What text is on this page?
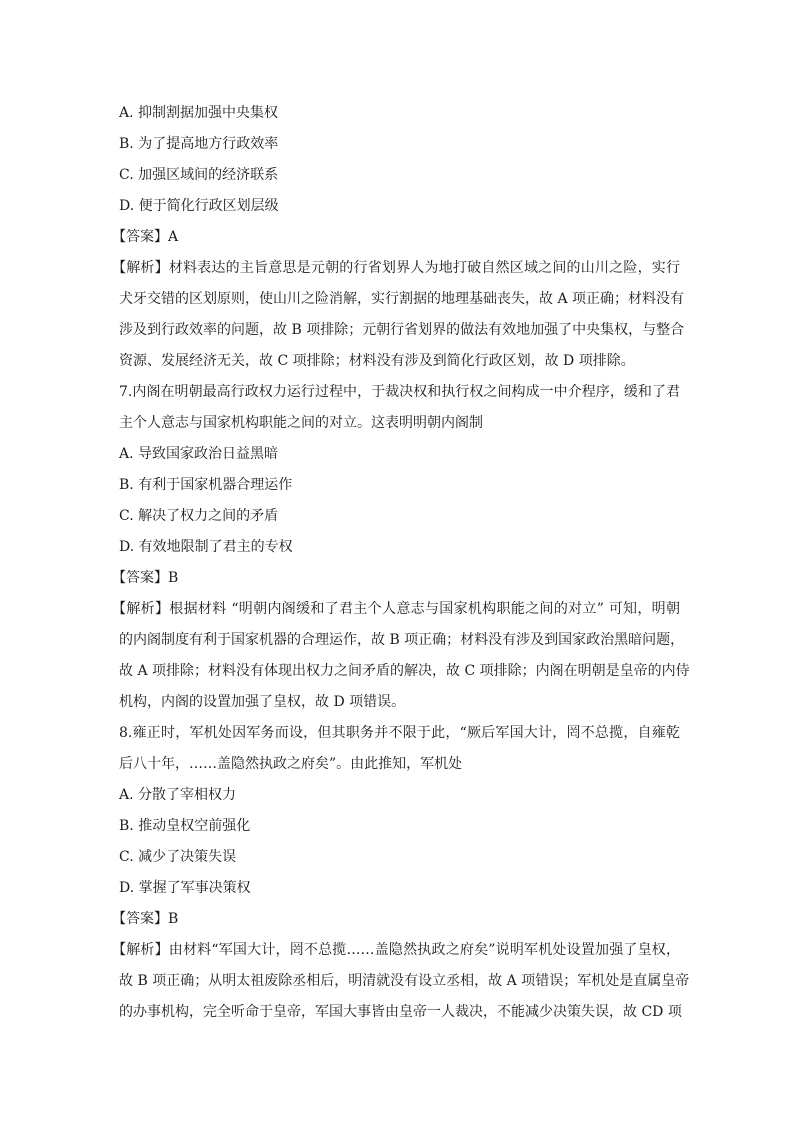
A. 抑制割据加强中央集权
B. 为了提高地方行政效率
C. 加强区域间的经济联系
D. 便于简化行政区划层级
【答案】A
【解析】材料表达的主旨意思是元朝的行省划界人为地打破自然区域之间的山川之险，实行
犬牙交错的区划原则，使山川之险消解，实行割据的地理基础丧失，故 A 项正确；材料没有
涉及到行政效率的问题，故 B 项排除；元朝行省划界的做法有效地加强了中央集权，与整合
资源、发展经济无关，故 C 项排除；材料没有涉及到简化行政区划，故 D 项排除。
7.内阁在明朝最高行政权力运行过程中，于裁决权和执行权之间构成一中介程序，缓和了君
主个人意志与国家机构职能之间的对立。这表明明朝内阁制
A. 导致国家政治日益黑暗
B. 有利于国家机器合理运作
C. 解决了权力之间的矛盾
D. 有效地限制了君主的专权
【答案】B
【解析】根据材料 “明朝内阁缓和了君主个人意志与国家机构职能之间的对立” 可知，明朝
的内阁制度有利于国家机器的合理运作，故 B 项正确；材料没有涉及到国家政治黑暗问题，
故 A 项排除；材料没有体现出权力之间矛盾的解决，故 C 项排除；内阁在明朝是皇帝的内侍
机构，内阁的设置加强了皇权，故 D 项错误。
8.雍正时，军机处因军务而设，但其职务并不限于此，“厥后军国大计，罔不总揽，自雍乾
后八十年，……盖隐然执政之府矣”。由此推知，军机处
A. 分散了宰相权力
B. 推动皇权空前强化
C. 减少了决策失误
D. 掌握了军事决策权
【答案】B
【解析】由材料“军国大计，罔不总揽……盖隐然执政之府矣”说明军机处设置加强了皇权，
故 B 项正确；从明太祖废除丞相后，明清就没有设立丞相，故 A 项错误；军机处是直属皇帝
的办事机构，完全听命于皇帝，军国大事皆由皇帝一人裁决，不能减少决策失误，故 CD 项
